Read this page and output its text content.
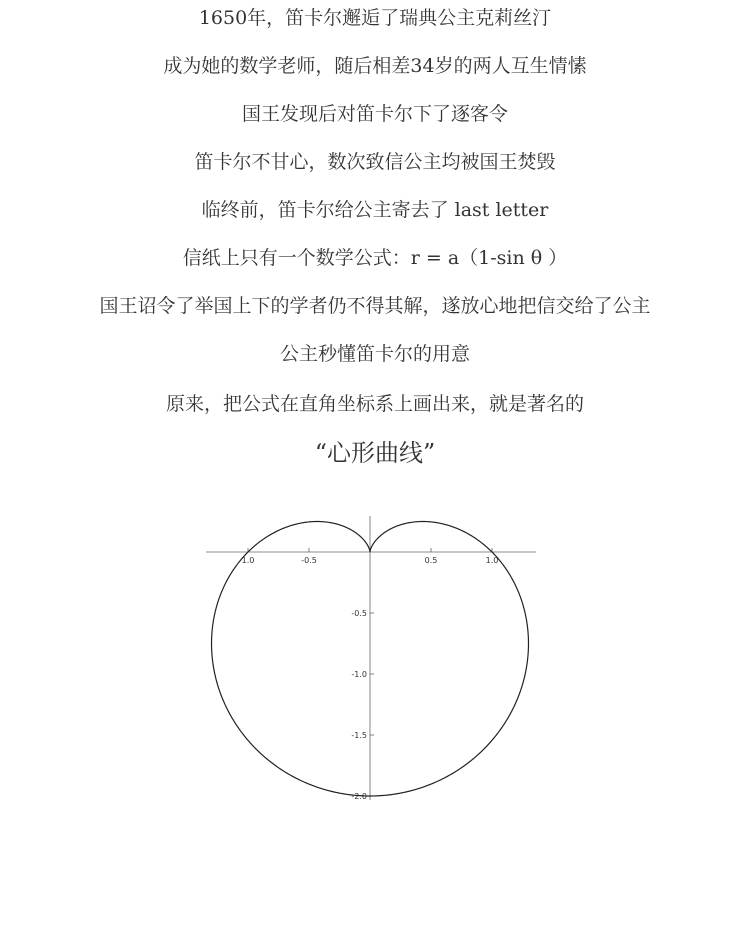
1650年，笛卡尔邂逅了瑞典公主克莉丝汀
成为她的数学老师，随后相差34岁的两人互生情愫
国王发现后对笛卡尔下了逐客令
笛卡尔不甘心，数次致信公主均被国王焚毁
临终前，笛卡尔给公主寄去了 last letter
信纸上只有一个数学公式：r = a（1-sin θ ）
国王诏令了举国上下的学者仍不得其解，遂放心地把信交给了公主
公主秒懂笛卡尔的用意
原来，把公式在直角坐标系上画出来，就是著名的
“心形曲线”
1.0	-0.5	0.5	1.0
-0.5
-1.0
-1.5
-2.0
